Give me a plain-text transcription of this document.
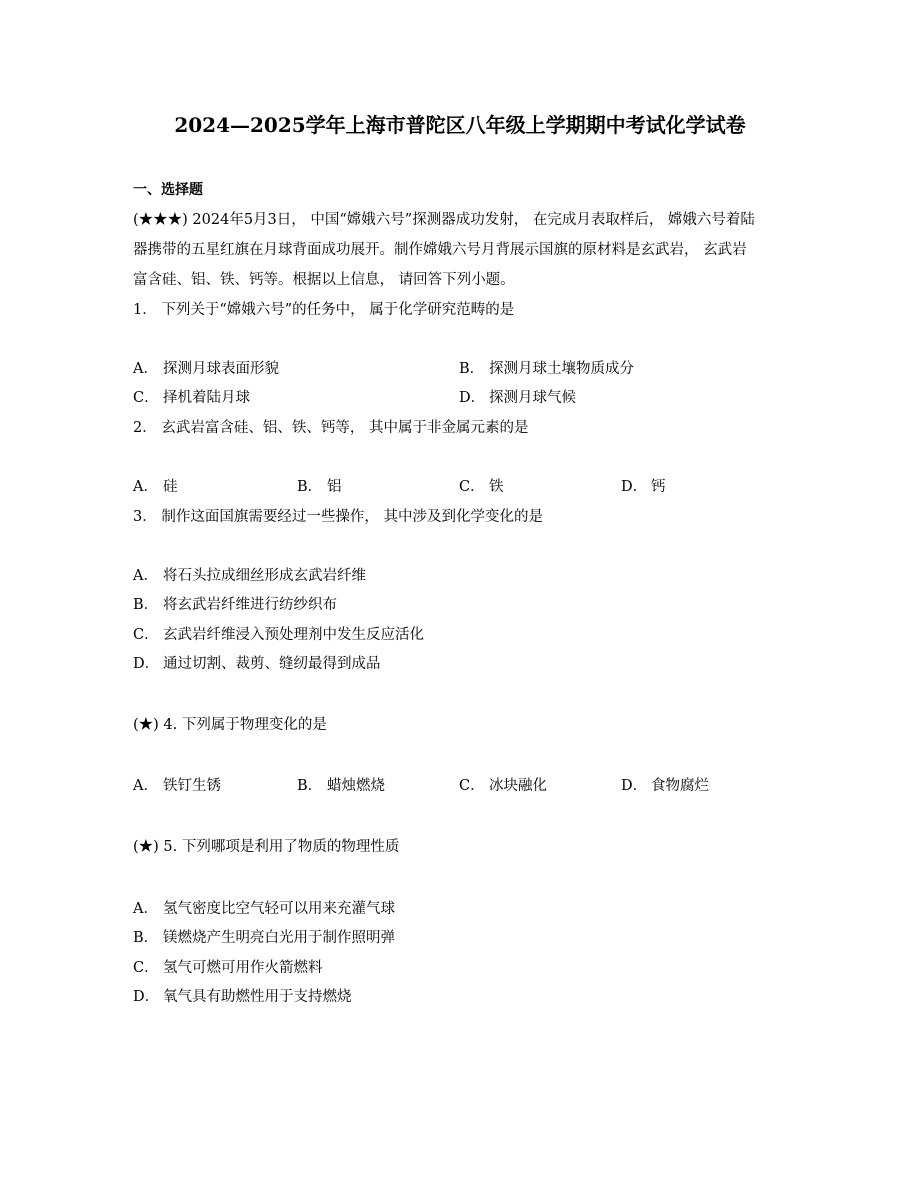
2024—2025学年上海市普陀区八年级上学期期中考试化学试卷
一、选择题
(★★★) 2024年5月3日， 中国“嫦娥六号”探测器成功发射， 在完成月表取样后， 嫦娥六号着陆
器携带的五星红旗在月球背面成功展开。制作嫦娥六号月背展示国旗的原材料是玄武岩， 玄武岩
富含硅、铝、铁、钙等。根据以上信息， 请回答下列小题。
1． 下列关于“嫦娥六号”的任务中， 属于化学研究范畴的是
A． 探测月球表面形貌	B． 探测月球土壤物质成分
C． 择机着陆月球	D． 探测月球气候
2． 玄武岩富含硅、铝、铁、钙等， 其中属于非金属元素的是
A． 硅	B． 铝	C． 铁	D． 钙
3． 制作这面国旗需要经过一些操作， 其中涉及到化学变化的是
A． 将石头拉成细丝形成玄武岩纤维
B． 将玄武岩纤维进行纺纱织布
C． 玄武岩纤维浸入预处理剂中发生反应活化
D． 通过切割、裁剪、缝纫最得到成品
(★) 4. 下列属于物理变化的是
A． 铁钉生锈	B． 蜡烛燃烧	C． 冰块融化	D． 食物腐烂
(★) 5. 下列哪项是利用了物质的物理性质
A． 氢气密度比空气轻可以用来充灌气球
B． 镁燃烧产生明亮白光用于制作照明弹
C． 氢气可燃可用作火箭燃料
D． 氧气具有助燃性用于支持燃烧
